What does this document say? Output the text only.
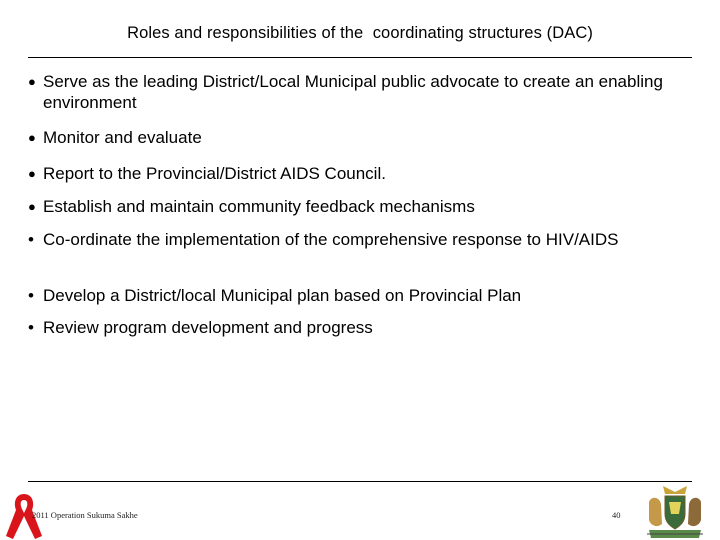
Roles and responsibilities of the  coordinating structures (DAC)
● Serve as the leading District/Local Municipal public advocate to create an enabling environment
● Monitor and evaluate
● Report to the Provincial/District AIDS Council.
● Establish and maintain community feedback mechanisms
• Co-ordinate the implementation of the comprehensive response to HIV/AIDS
• Develop a District/local Municipal plan based on Provincial Plan
• Review program development and progress
2011 Operation Sukuma Sakhe	40
